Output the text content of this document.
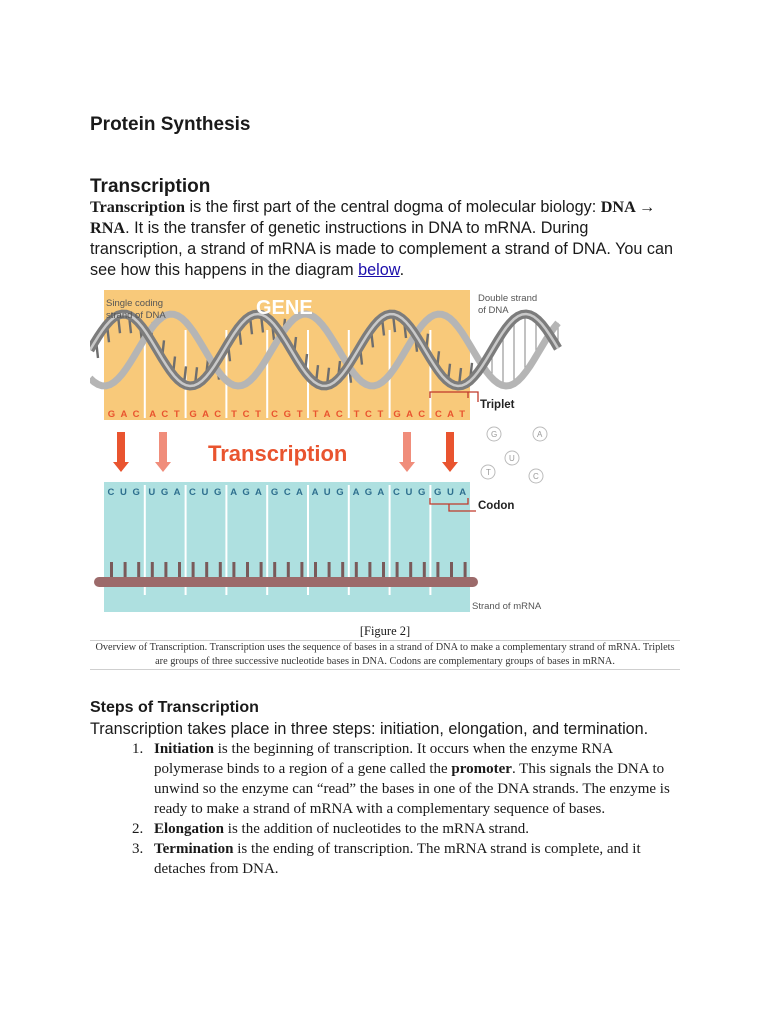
Protein Synthesis
Transcription

Transcription is the first part of the central dogma of molecular biology: DNA → RNA. It is the transfer of genetic instructions in DNA to mRNA. During transcription, a strand of mRNA is made to complement a strand of DNA. You can see how this happens in the diagram below.

Single coding
strand of DNA	GENE	Double strand
of DNA
G A C A C T G A C T C T C G T T A C T C T G A C C A T
Triplet
Transcription
G	A
U
T	C
C U G U G A C U G A G A G C A A U G A G A C U G G U A
Codon
Strand of mRNA
[Figure 2]
Overview of Transcription. Transcription uses the sequence of bases in a strand of DNA to make a complementary strand of mRNA. Triplets are groups of three successive nucleotide bases in DNA. Codons are complementary groups of bases in mRNA.
Steps of Transcription

Transcription takes place in three steps: initiation, elongation, and termination.

1. Initiation is the beginning of transcription. It occurs when the enzyme RNA polymerase binds to a region of a gene called the promoter. This signals the DNA to unwind so the enzyme can “read” the bases in one of the DNA strands. The enzyme is ready to make a strand of mRNA with a complementary sequence of bases.
2. Elongation is the addition of nucleotides to the mRNA strand.
3. Termination is the ending of transcription. The mRNA strand is complete, and it detaches from DNA.
